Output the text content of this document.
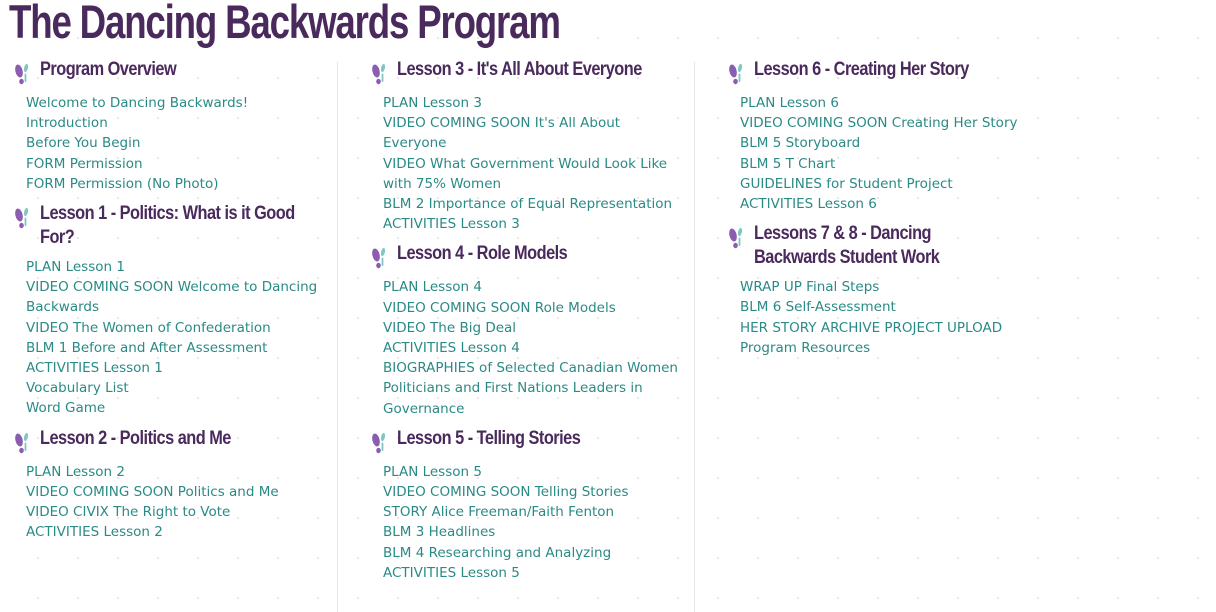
The Dancing Backwards Program
Program Overview
Welcome to Dancing Backwards!
Introduction
Before You Begin
FORM Permission
FORM Permission (No Photo)
Lesson 1 - Politics: What is it Good For?
PLAN Lesson 1
VIDEO COMING SOON Welcome to Dancing Backwards
VIDEO The Women of Confederation
BLM 1 Before and After Assessment
ACTIVITIES Lesson 1
Vocabulary List
Word Game
Lesson 2 - Politics and Me
PLAN Lesson 2
VIDEO COMING SOON Politics and Me
VIDEO CIVIX The Right to Vote
ACTIVITIES Lesson 2
Lesson 3 - It's All About Everyone
PLAN Lesson 3
VIDEO COMING SOON It's All About Everyone
VIDEO What Government Would Look Like with 75% Women
BLM 2 Importance of Equal Representation
ACTIVITIES Lesson 3
Lesson 4 - Role Models
PLAN Lesson 4
VIDEO COMING SOON Role Models
VIDEO The Big Deal
ACTIVITIES Lesson 4
BIOGRAPHIES of Selected Canadian Women Politicians and First Nations Leaders in Governance
Lesson 5 - Telling Stories
PLAN Lesson 5
VIDEO COMING SOON Telling Stories
STORY Alice Freeman/Faith Fenton
BLM 3 Headlines
BLM 4 Researching and Analyzing
ACTIVITIES Lesson 5
Lesson 6 - Creating Her Story
PLAN Lesson 6
VIDEO COMING SOON Creating Her Story
BLM 5 Storyboard
BLM 5 T Chart
GUIDELINES for Student Project
ACTIVITIES Lesson 6
Lessons 7 & 8 - Dancing Backwards Student Work
WRAP UP Final Steps
BLM 6 Self-Assessment
HER STORY ARCHIVE PROJECT UPLOAD
Program Resources
